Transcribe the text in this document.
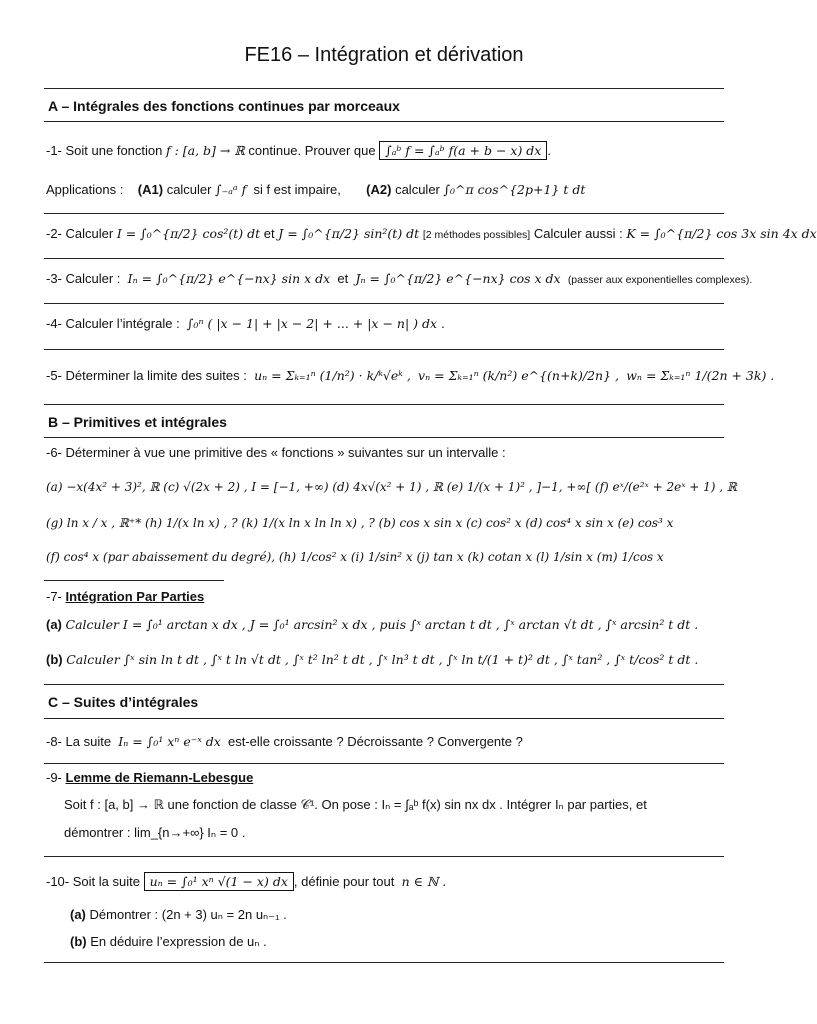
FE16 – Intégration et dérivation
A – Intégrales des fonctions continues par morceaux
-1- Soit une fonction f : [a, b] → ℝ continue. Prouver que ∫ₐᵇ f = ∫ₐᵇ f(a + b − x) dx .
Applications : (A1) calculer ∫₋ₐᵃ f si f est impaire, (A2) calculer ∫₀^π cos^{2p+1} t dt
-2- Calculer I = ∫₀^{π/2} cos²(t) dt et J = ∫₀^{π/2} sin²(t) dt [2 méthodes possibles] Calculer aussi : K = ∫₀^{π/2} cos 3x sin 4x dx
-3- Calculer : Iₙ = ∫₀^{π/2} e^{−nx} sin x dx et Jₙ = ∫₀^{π/2} e^{−nx} cos x dx (passer aux exponentielles complexes).
-4- Calculer l’intégrale : ∫₀ⁿ ( |x − 1| + |x − 2| + ... + |x − n| ) dx .
-5- Déterminer la limite des suites : uₙ = Σₖ₌₁ⁿ (1/n²) · k/ᵏ√eᵏ , vₙ = Σₖ₌₁ⁿ (k/n²) e^{(n+k)/2n} , wₙ = Σₖ₌₁ⁿ 1/(2n + 3k) .
B – Primitives et intégrales
-6- Déterminer à vue une primitive des « fonctions » suivantes sur un intervalle :
(a) −x(4x² + 3)², ℝ (c) √(2x + 2) , I = [−1, +∞) (d) 4x√(x² + 1) , ℝ (e) 1/(x + 1)² , ]−1, +∞[ (f) eˣ/(e²ˣ + 2eˣ + 1) , ℝ
(g) ln x / x , ℝ⁺* (h) 1/(x ln x) , ? (k) 1/(x ln x ln ln x) , ? (b) cos x sin x (c) cos² x (d) cos⁴ x sin x (e) cos³ x
(f) cos⁴ x (par abaissement du degré), (h) 1/cos² x (i) 1/sin² x (j) tan x (k) cotan x (l) 1/sin x (m) 1/cos x
-7- Intégration Par Parties
(a) Calculer I = ∫₀¹ arctan x dx , J = ∫₀¹ arcsin² x dx , puis ∫ˣ arctan t dt , ∫ˣ arctan √t dt , ∫ˣ arcsin² t dt .
(b) Calculer ∫ˣ sin ln t dt , ∫ˣ t ln √t dt , ∫ˣ t² ln² t dt , ∫ˣ ln³ t dt , ∫ˣ ln t/(1 + t)² dt , ∫ˣ tan² , ∫ˣ t/cos² t dt .
C – Suites d’intégrales
-8- La suite Iₙ = ∫₀¹ xⁿ e⁻ˣ dx est-elle croissante ? Décroissante ? Convergente ?
-9- Lemme de Riemann-Lebesgue
Soit f : [a, b] → ℝ une fonction de classe 𝒞¹. On pose : Iₙ = ∫ₐᵇ f(x) sin nx dx . Intégrer Iₙ par parties, et
démontrer : lim_{n→+∞} Iₙ = 0 .
-10- Soit la suite uₙ = ∫₀¹ xⁿ √(1 − x) dx , définie pour tout n ∈ ℕ .
(a) Démontrer : (2n + 3) uₙ = 2n uₙ₋₁ .
(b) En déduire l’expression de uₙ .
